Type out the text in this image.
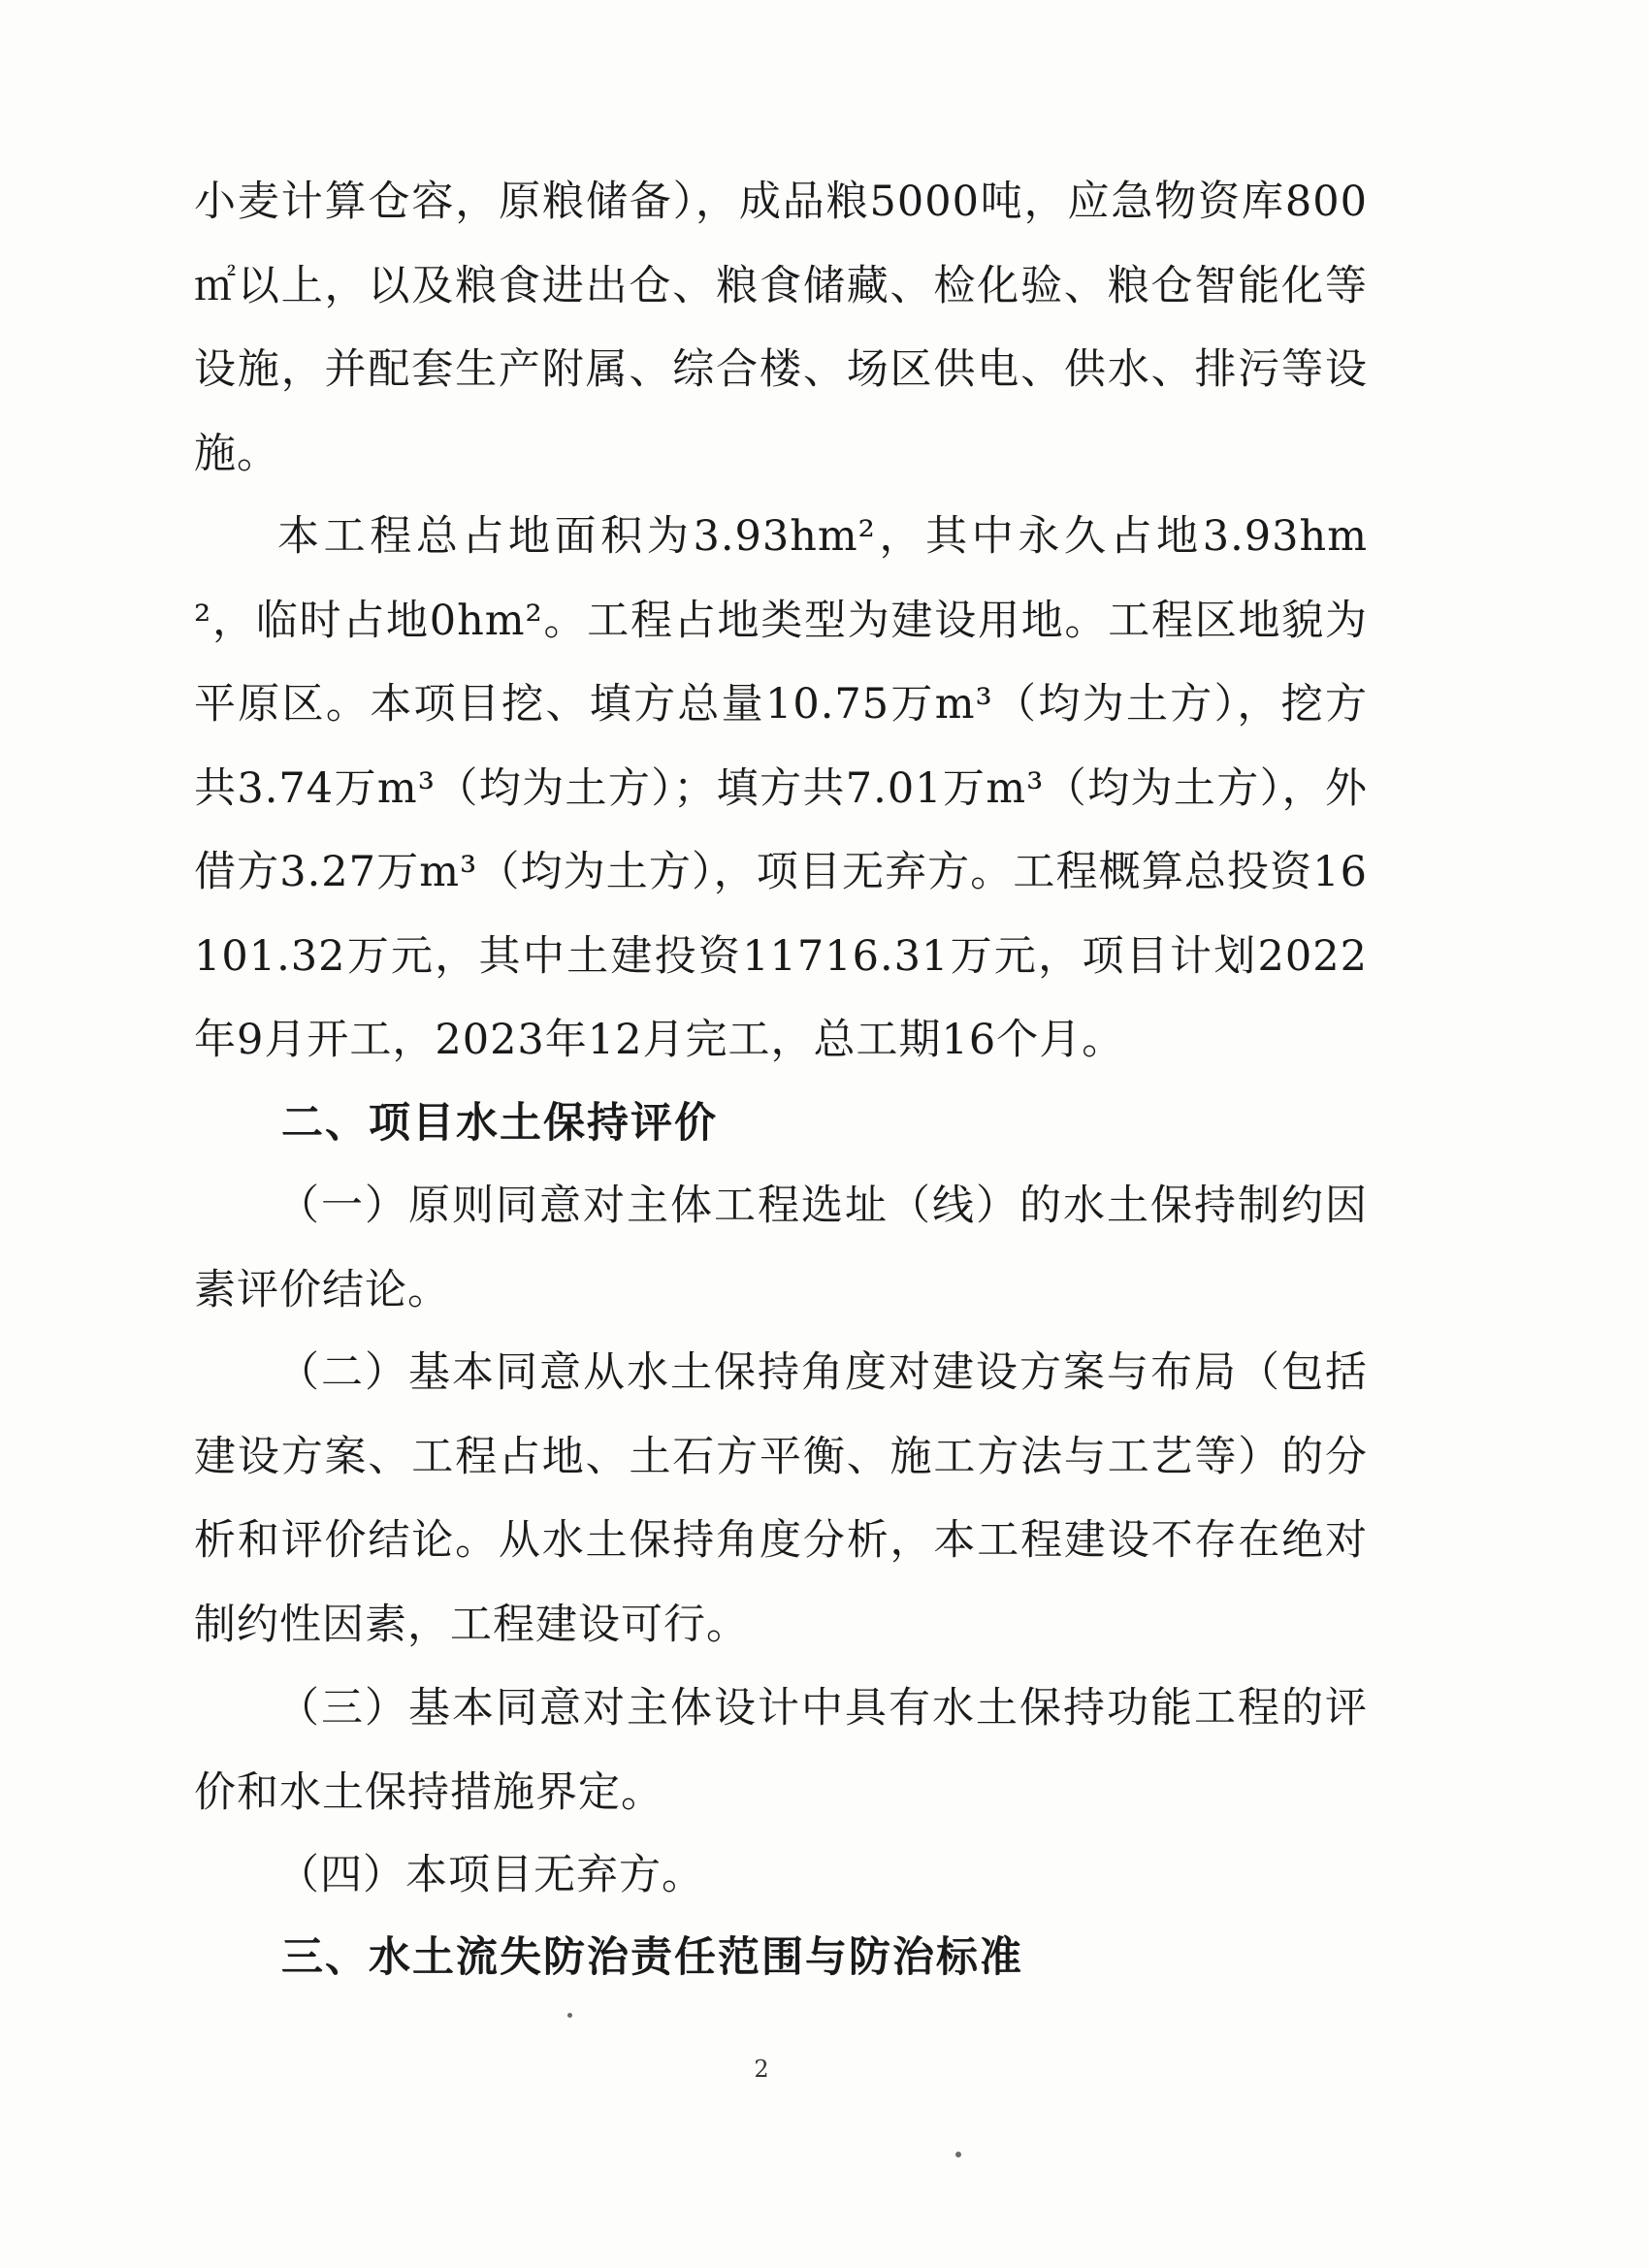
小麦计算仓容，原粮储备），成品粮5000吨，应急物资库800㎡以上，以及粮食进出仓、粮食储藏、检化验、粮仓智能化等设施，并配套生产附属、综合楼、场区供电、供水、排污等设施。

本工程总占地面积为3.93hm²，其中永久占地3.93hm²，临时占地0hm²。工程占地类型为建设用地。工程区地貌为平原区。本项目挖、填方总量10.75万m³（均为土方），挖方共3.74万m³（均为土方）；填方共7.01万m³（均为土方），外借方3.27万m³（均为土方），项目无弃方。工程概算总投资16101.32万元，其中土建投资11716.31万元，项目计划2022年9月开工，2023年12月完工，总工期16个月。

二、项目水土保持评价

（一）原则同意对主体工程选址（线）的水土保持制约因素评价结论。

（二）基本同意从水土保持角度对建设方案与布局（包括建设方案、工程占地、土石方平衡、施工方法与工艺等）的分析和评价结论。从水土保持角度分析，本工程建设不存在绝对制约性因素，工程建设可行。

（三）基本同意对主体设计中具有水土保持功能工程的评价和水土保持措施界定。

（四）本项目无弃方。

三、水土流失防治责任范围与防治标准

2
